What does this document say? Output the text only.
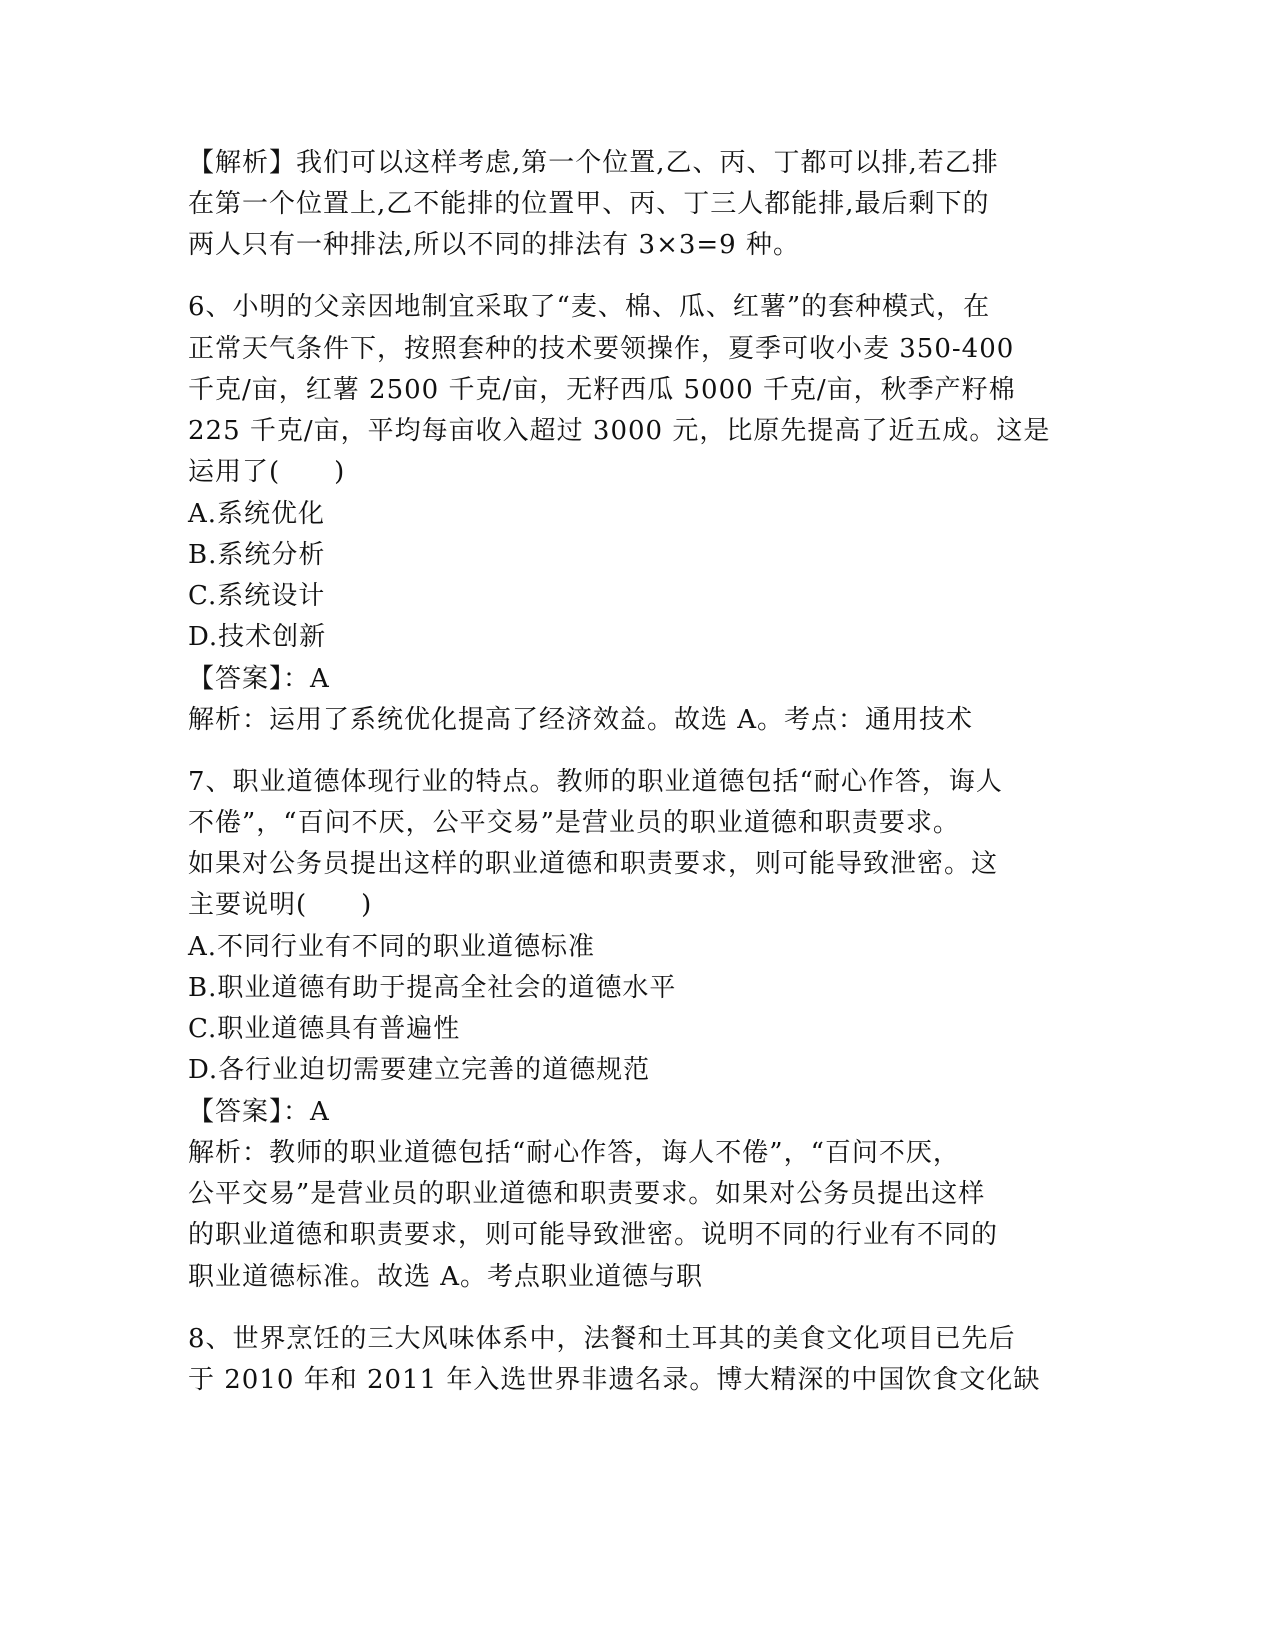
【解析】我们可以这样考虑,第一个位置,乙、丙、丁都可以排,若乙排
在第一个位置上,乙不能排的位置甲、丙、丁三人都能排,最后剩下的
两人只有一种排法,所以不同的排法有 3×3=9 种。
6、小明的父亲因地制宜采取了“麦、棉、瓜、红薯”的套种模式，在
正常天气条件下，按照套种的技术要领操作，夏季可收小麦 350-400
千克/亩，红薯 2500 千克/亩，无籽西瓜 5000 千克/亩，秋季产籽棉
225 千克/亩，平均每亩收入超过 3000 元，比原先提高了近五成。这是
运用了(　　)
A.系统优化
B.系统分析
C.系统设计
D.技术创新
【答案】：A
解析：运用了系统优化提高了经济效益。故选 A。考点：通用技术
7、职业道德体现行业的特点。教师的职业道德包括“耐心作答，诲人
不倦”，“百问不厌，公平交易”是营业员的职业道德和职责要求。
如果对公务员提出这样的职业道德和职责要求，则可能导致泄密。这
主要说明(　　)
A.不同行业有不同的职业道德标准
B.职业道德有助于提高全社会的道德水平
C.职业道德具有普遍性
D.各行业迫切需要建立完善的道德规范
【答案】：A
解析：教师的职业道德包括“耐心作答，诲人不倦”，“百问不厌，
公平交易”是营业员的职业道德和职责要求。如果对公务员提出这样
的职业道德和职责要求，则可能导致泄密。说明不同的行业有不同的
职业道德标准。故选 A。考点职业道德与职
8、世界烹饪的三大风味体系中，法餐和土耳其的美食文化项目已先后
于 2010 年和 2011 年入选世界非遗名录。博大精深的中国饮食文化缺
